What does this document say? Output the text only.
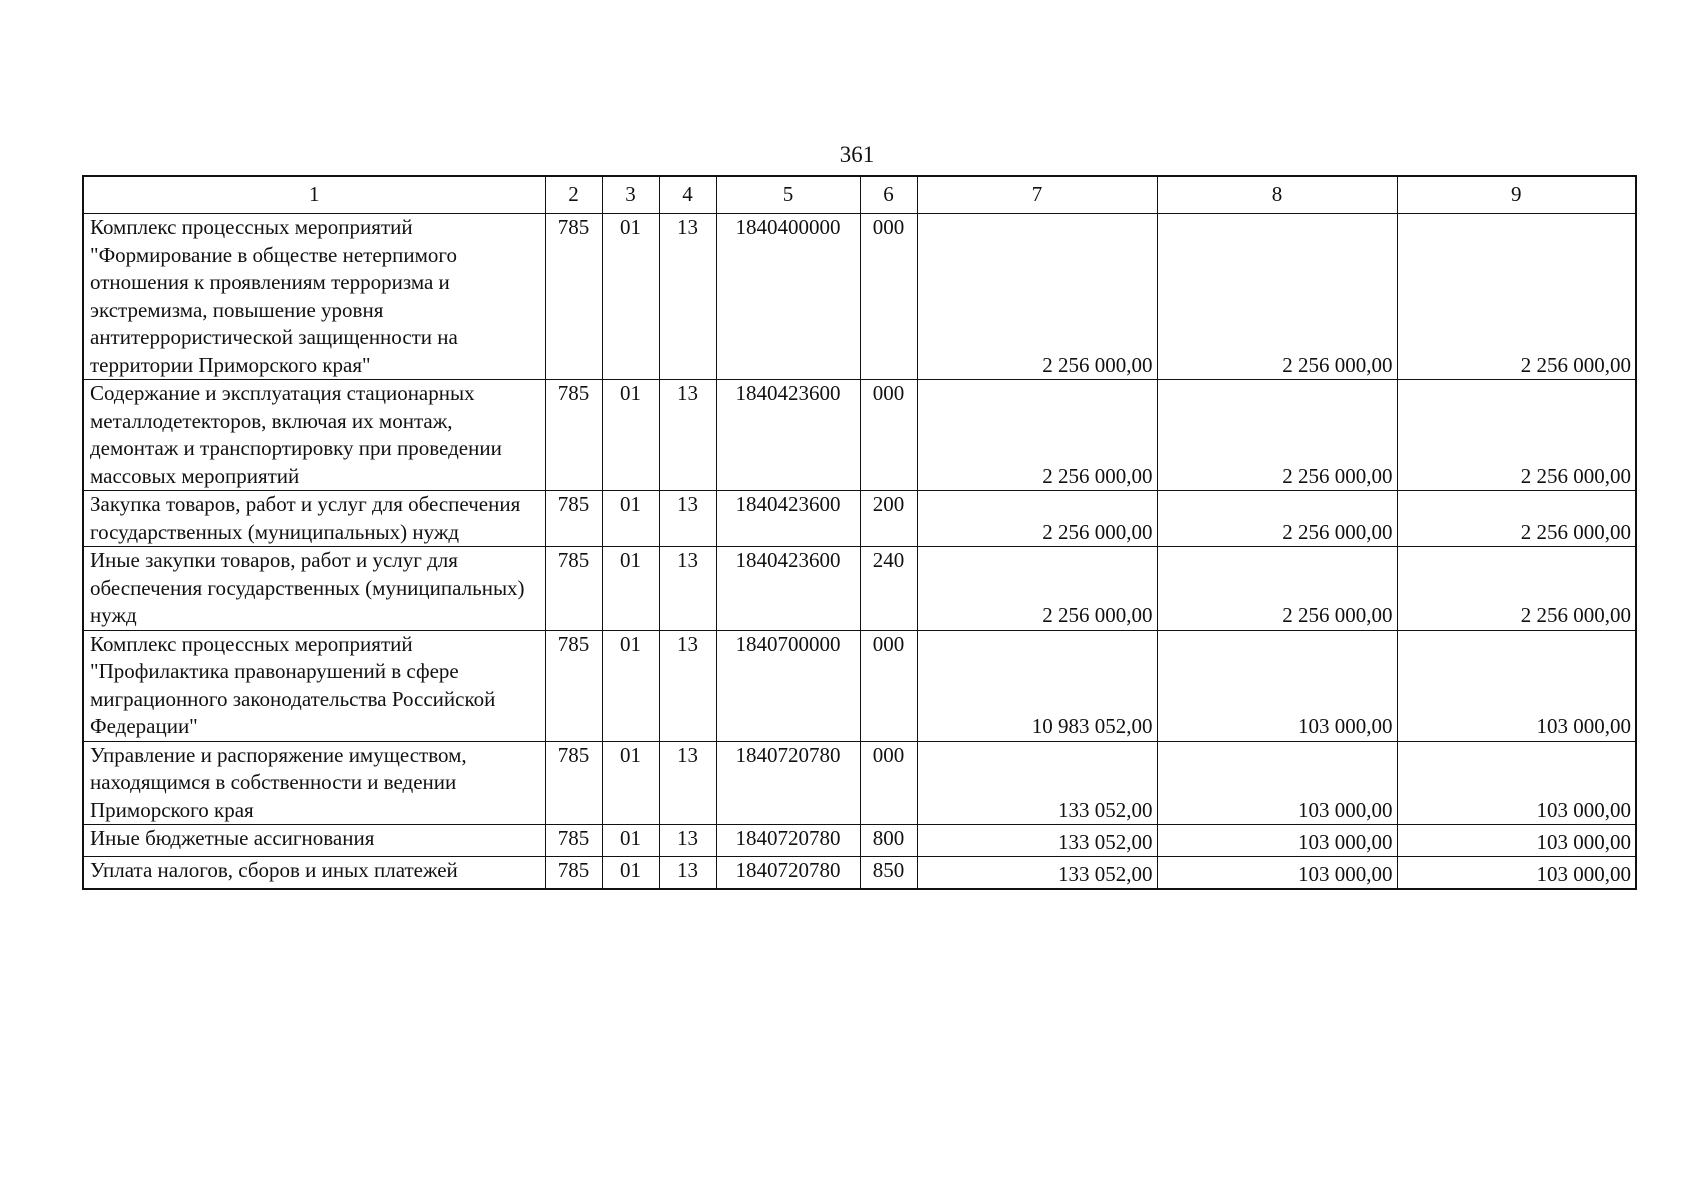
361
1	2	3	4	5	6	7	8	9
Комплекс процессных мероприятий "Формирование в обществе нетерпимого отношения к проявлениям терроризма и экстремизма, повышение уровня антитеррористической защищенности на территории Приморского края"	785	01	13	1840400000	000	2 256 000,00	2 256 000,00	2 256 000,00
Содержание и эксплуатация стационарных металлодетекторов, включая их монтаж, демонтаж и транспортировку при проведении массовых мероприятий	785	01	13	1840423600	000	2 256 000,00	2 256 000,00	2 256 000,00
Закупка товаров, работ и услуг для обеспечения государственных (муниципальных) нужд	785	01	13	1840423600	200	2 256 000,00	2 256 000,00	2 256 000,00
Иные закупки товаров, работ и услуг для обеспечения государственных (муниципальных) нужд	785	01	13	1840423600	240	2 256 000,00	2 256 000,00	2 256 000,00
Комплекс процессных мероприятий "Профилактика правонарушений в сфере миграционного законодательства Российской Федерации"	785	01	13	1840700000	000	10 983 052,00	103 000,00	103 000,00
Управление и распоряжение имуществом, находящимся в собственности и ведении Приморского края	785	01	13	1840720780	000	133 052,00	103 000,00	103 000,00
Иные бюджетные ассигнования	785	01	13	1840720780	800	133 052,00	103 000,00	103 000,00
Уплата налогов, сборов и иных платежей	785	01	13	1840720780	850	133 052,00	103 000,00	103 000,00
